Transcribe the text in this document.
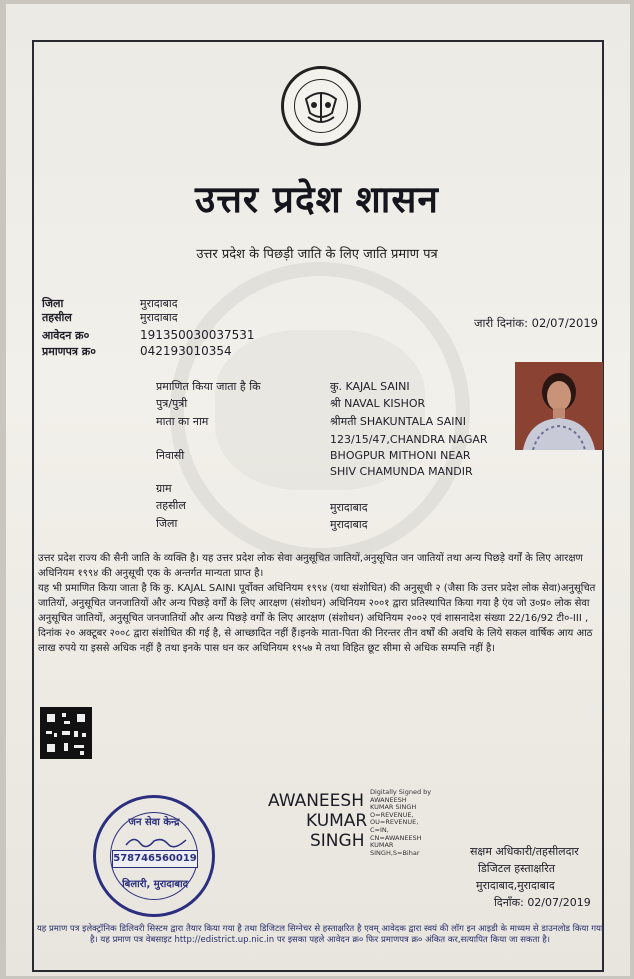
उत्तर प्रदेश शासन
उत्तर प्रदेश के पिछड़ी जाति के लिए जाति प्रमाण पत्र
जिला	मुरादाबाद
तहसील	मुरादाबाद
आवेदन क्र०	191350030037531
प्रमाणपत्र क्र०	042193010354
जारी दिनांक: 02/07/2019
प्रमाणित किया जाता है कि	कु. KAJAL SAINI
पुत्र/पुत्री	श्री NAVAL KISHOR
माता का नाम	श्रीमती SHAKUNTALA SAINI
123/15/47,CHANDRA NAGAR
निवासी	BHOGPUR MITHONI NEAR
SHIV CHAMUNDA MANDIR
ग्राम
तहसील	मुरादाबाद
जिला	मुरादाबाद

उत्तर प्रदेश राज्य की सैनी जाति के व्यक्ति है। यह उत्तर प्रदेश लोक सेवा अनुसूचित जातियों,अनुसूचित जन जातियों तथा अन्य पिछड़े वर्गों के लिए आरक्षण अधिनियम १९९४ की अनुसूची एक के अन्तर्गत मान्यता प्राप्त है।

यह भी प्रमाणित किया जाता है कि कु. KAJAL SAINI पूर्वोक्त अधिनियम १९९४ (यथा संशोधित) की अनुसूची २ (जैसा कि उत्तर प्रदेश लोक सेवा)अनुसूचित जातियों, अनुसूचित जनजातियों और अन्य पिछड़े वर्गों के लिए आरक्षण (संशोधन) अधिनियम २००१ द्वारा प्रतिस्थापित किया गया है एंव जो उ०प्र० लोक सेवा अनुसूचित जातियों, अनुसूचित जनजातियों और अन्य पिछड़े वर्गों के लिए आरक्षण (संशोधन) अधिनियम २००२ एवं शासनादेश संख्या 22/16/92 टी०-III , दिनांक २० अक्टूबर २००८ द्वारा संशोधित की गई है, से आच्छादित नहीं हैं।इनके माता-पिता की निरन्तर तीन वर्षों की अवधि के लिये सकल वार्षिक आय आठ लाख रुपये या इससे अधिक नहीं है तथा इनके पास धन कर अधिनियम १९५७ मे तथा विहित छूट सीमा से अधिक सम्पत्ति नहीं है।

जन सेवा केन्द्र
578746560019
बिलारी, मुरादाबाद
AWANEESH
KUMAR
SINGH
Digitally Signed by
AWANEESH
KUMAR SINGH
O=REVENUE,
OU=REVENUE,
C=IN,
CN=AWANEESH
KUMAR
SINGH,S=Bihar	सक्षम अधिकारी/तहसीलदार
डिजिटल हस्ताक्षरित
मुरादाबाद,मुरादाबाद
दिनाँक: 02/07/2019
यह प्रमाण पत्र इलेक्ट्रॉनिक डिलिवरी सिस्टम द्वारा तैयार किया गया है तथा डिजिटल सिग्नेचर से हस्ताक्षरित है एवम् आवेदक द्वारा स्वयं की लॉग इन आइडी के माध्यम से डाउनलोड किया गया है। यह प्रमाण पत्र वेबसाइट http://edistrict.up.nic.in पर इसका पहले आवेदन क्र० फिर प्रमाणपत्र क्र० अंकित कर,सत्यापित किया जा सकता है।
